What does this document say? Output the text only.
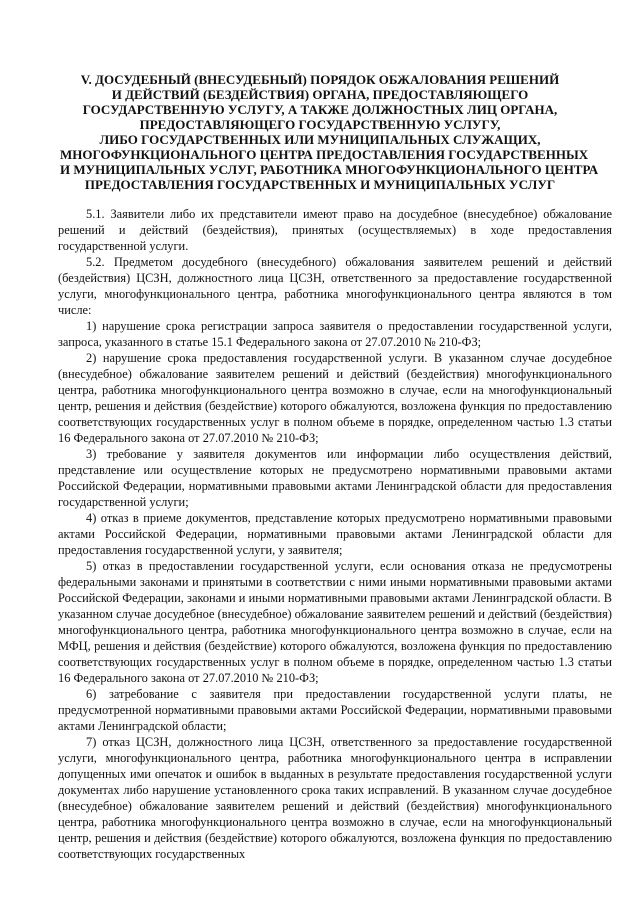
V. ДОСУДЕБНЫЙ (ВНЕСУДЕБНЫЙ) ПОРЯДОК ОБЖАЛОВАНИЯ РЕШЕНИЙ
И ДЕЙСТВИЙ (БЕЗДЕЙСТВИЯ) ОРГАНА, ПРЕДОСТАВЛЯЮЩЕГО
ГОСУДАРСТВЕННУЮ УСЛУГУ, А ТАКЖЕ ДОЛЖНОСТНЫХ ЛИЦ ОРГАНА,
ПРЕДОСТАВЛЯЮЩЕГО ГОСУДАРСТВЕННУЮ УСЛУГУ,
ЛИБО ГОСУДАРСТВЕННЫХ ИЛИ МУНИЦИПАЛЬНЫХ СЛУЖАЩИХ,
МНОГОФУНКЦИОНАЛЬНОГО ЦЕНТРА ПРЕДОСТАВЛЕНИЯ ГОСУДАРСТВЕННЫХ
И МУНИЦИПАЛЬНЫХ УСЛУГ, РАБОТНИКА МНОГОФУНКЦИОНАЛЬНОГО ЦЕНТРА
ПРЕДОСТАВЛЕНИЯ ГОСУДАРСТВЕННЫХ И МУНИЦИПАЛЬНЫХ УСЛУГ

5.1. Заявители либо их представители имеют право на досудебное (внесудебное) обжалование решений и действий (бездействия), принятых (осуществляемых) в ходе предоставления государственной услуги.

5.2. Предметом досудебного (внесудебного) обжалования заявителем решений и действий (бездействия) ЦСЗН, должностного лица ЦСЗН, ответственного за предоставление государственной услуги, многофункционального центра, работника многофункционального центра являются в том числе:

1) нарушение срока регистрации запроса заявителя о предоставлении государственной услуги, запроса, указанного в статье 15.1 Федерального закона от 27.07.2010 № 210-ФЗ;

2) нарушение срока предоставления государственной услуги. В указанном случае досудебное (внесудебное) обжалование заявителем решений и действий (бездействия) многофункционального центра, работника многофункционального центра возможно в случае, если на многофункциональный центр, решения и действия (бездействие) которого обжалуются, возложена функция по предоставлению соответствующих государственных услуг в полном объеме в порядке, определенном частью 1.3 статьи 16 Федерального закона от 27.07.2010 № 210-ФЗ;

3) требование у заявителя документов или информации либо осуществления действий, представление или осуществление которых не предусмотрено нормативными правовыми актами Российской Федерации, нормативными правовыми актами Ленинградской области для предоставления государственной услуги;

4) отказ в приеме документов, представление которых предусмотрено нормативными правовыми актами Российской Федерации, нормативными правовыми актами Ленинградской области для предоставления государственной услуги, у заявителя;

5) отказ в предоставлении государственной услуги, если основания отказа не предусмотрены федеральными законами и принятыми в соответствии с ними иными нормативными правовыми актами Российской Федерации, законами и иными нормативными правовыми актами Ленинградской области. В указанном случае досудебное (внесудебное) обжалование заявителем решений и действий (бездействия) многофункционального центра, работника многофункционального центра возможно в случае, если на МФЦ, решения и действия (бездействие) которого обжалуются, возложена функция по предоставлению соответствующих государственных услуг в полном объеме в порядке, определенном частью 1.3 статьи 16 Федерального закона от 27.07.2010 № 210-ФЗ;

6) затребование с заявителя при предоставлении государственной услуги платы, не предусмотренной нормативными правовыми актами Российской Федерации, нормативными правовыми актами Ленинградской области;

7) отказ ЦСЗН, должностного лица ЦСЗН, ответственного за предоставление государственной услуги, многофункционального центра, работника многофункционального центра в исправлении допущенных ими опечаток и ошибок в выданных в результате предоставления государственной услуги документах либо нарушение установленного срока таких исправлений. В указанном случае досудебное (внесудебное) обжалование заявителем решений и действий (бездействия) многофункционального центра, работника многофункционального центра возможно в случае, если на многофункциональный центр, решения и действия (бездействие) которого обжалуются, возложена функция по предоставлению соответствующих государственных
